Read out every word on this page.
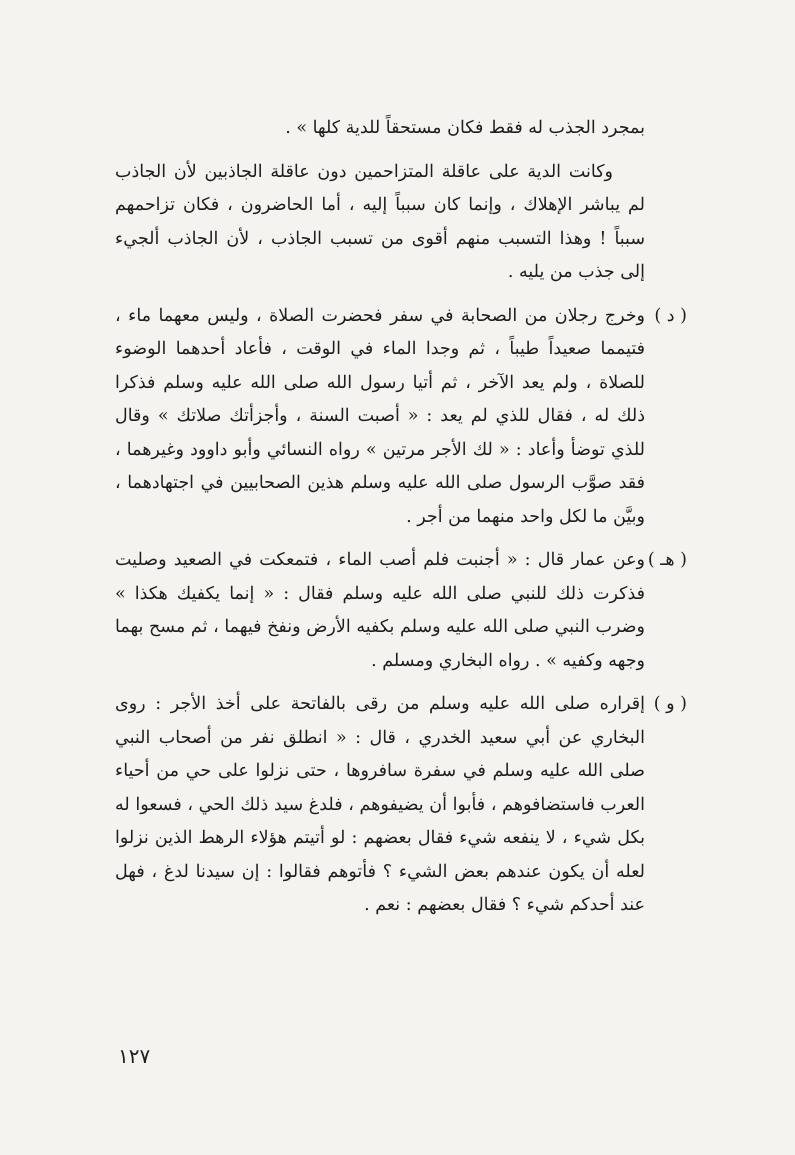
بمجرد الجذب له فقط فكان مستحقاً للدية كلها » .

وكانت الدية على عاقلة المتزاحمين دون عاقلة الجاذبين لأن الجاذب لم يباشر الإهلاك ، وإنما كان سبباً إليه ، أما الحاضرون ، فكان تزاحمهم سبباً ! وهذا التسبب منهم أقوى من تسبب الجاذب ، لأن الجاذب ألجيء إلى جذب من يليه .

( د )

وخرج رجلان من الصحابة في سفر فحضرت الصلاة ، وليس معهما ماء ، فتيمما صعيداً طيباً ، ثم وجدا الماء في الوقت ، فأعاد أحدهما الوضوء للصلاة ، ولم يعد الآخر ، ثم أتيا رسول الله صلى الله عليه وسلم فذكرا ذلك له ، فقال للذي لم يعد : « أصبت السنة ، وأجزأتك صلاتك » وقال للذي توضأ وأعاد : « لك الأجر مرتين » رواه النسائي وأبو داوود وغيرهما ، فقد صوَّب الرسول صلى الله عليه وسلم هذين الصحابيين في اجتهادهما ، وبيَّن ما لكل واحد منهما من أجر .

( هـ )

وعن عمار قال : « أجنبت فلم أصب الماء ، فتمعكت في الصعيد وصليت فذكرت ذلك للنبي صلى الله عليه وسلم فقال : « إنما يكفيك هكذا » وضرب النبي صلى الله عليه وسلم بكفيه الأرض ونفخ فيهما ، ثم مسح بهما وجهه وكفيه » . رواه البخاري ومسلم .

( و )

إقراره صلى الله عليه وسلم من رقى بالفاتحة على أخذ الأجر : روى البخاري عن أبي سعيد الخدري ، قال : « انطلق نفر من أصحاب النبي صلى الله عليه وسلم في سفرة سافروها ، حتى نزلوا على حي من أحياء العرب فاستضافوهم ، فأبوا أن يضيفوهم ، فلدغ سيد ذلك الحي ، فسعوا له بكل شيء ، لا ينفعه شيء فقال بعضهم : لو أتيتم هؤلاء الرهط الذين نزلوا لعله أن يكون عندهم بعض الشيء ؟ فأتوهم فقالوا : إن سيدنا لدغ ، فهل عند أحدكم شيء ؟ فقال بعضهم : نعم .

١٢٧
